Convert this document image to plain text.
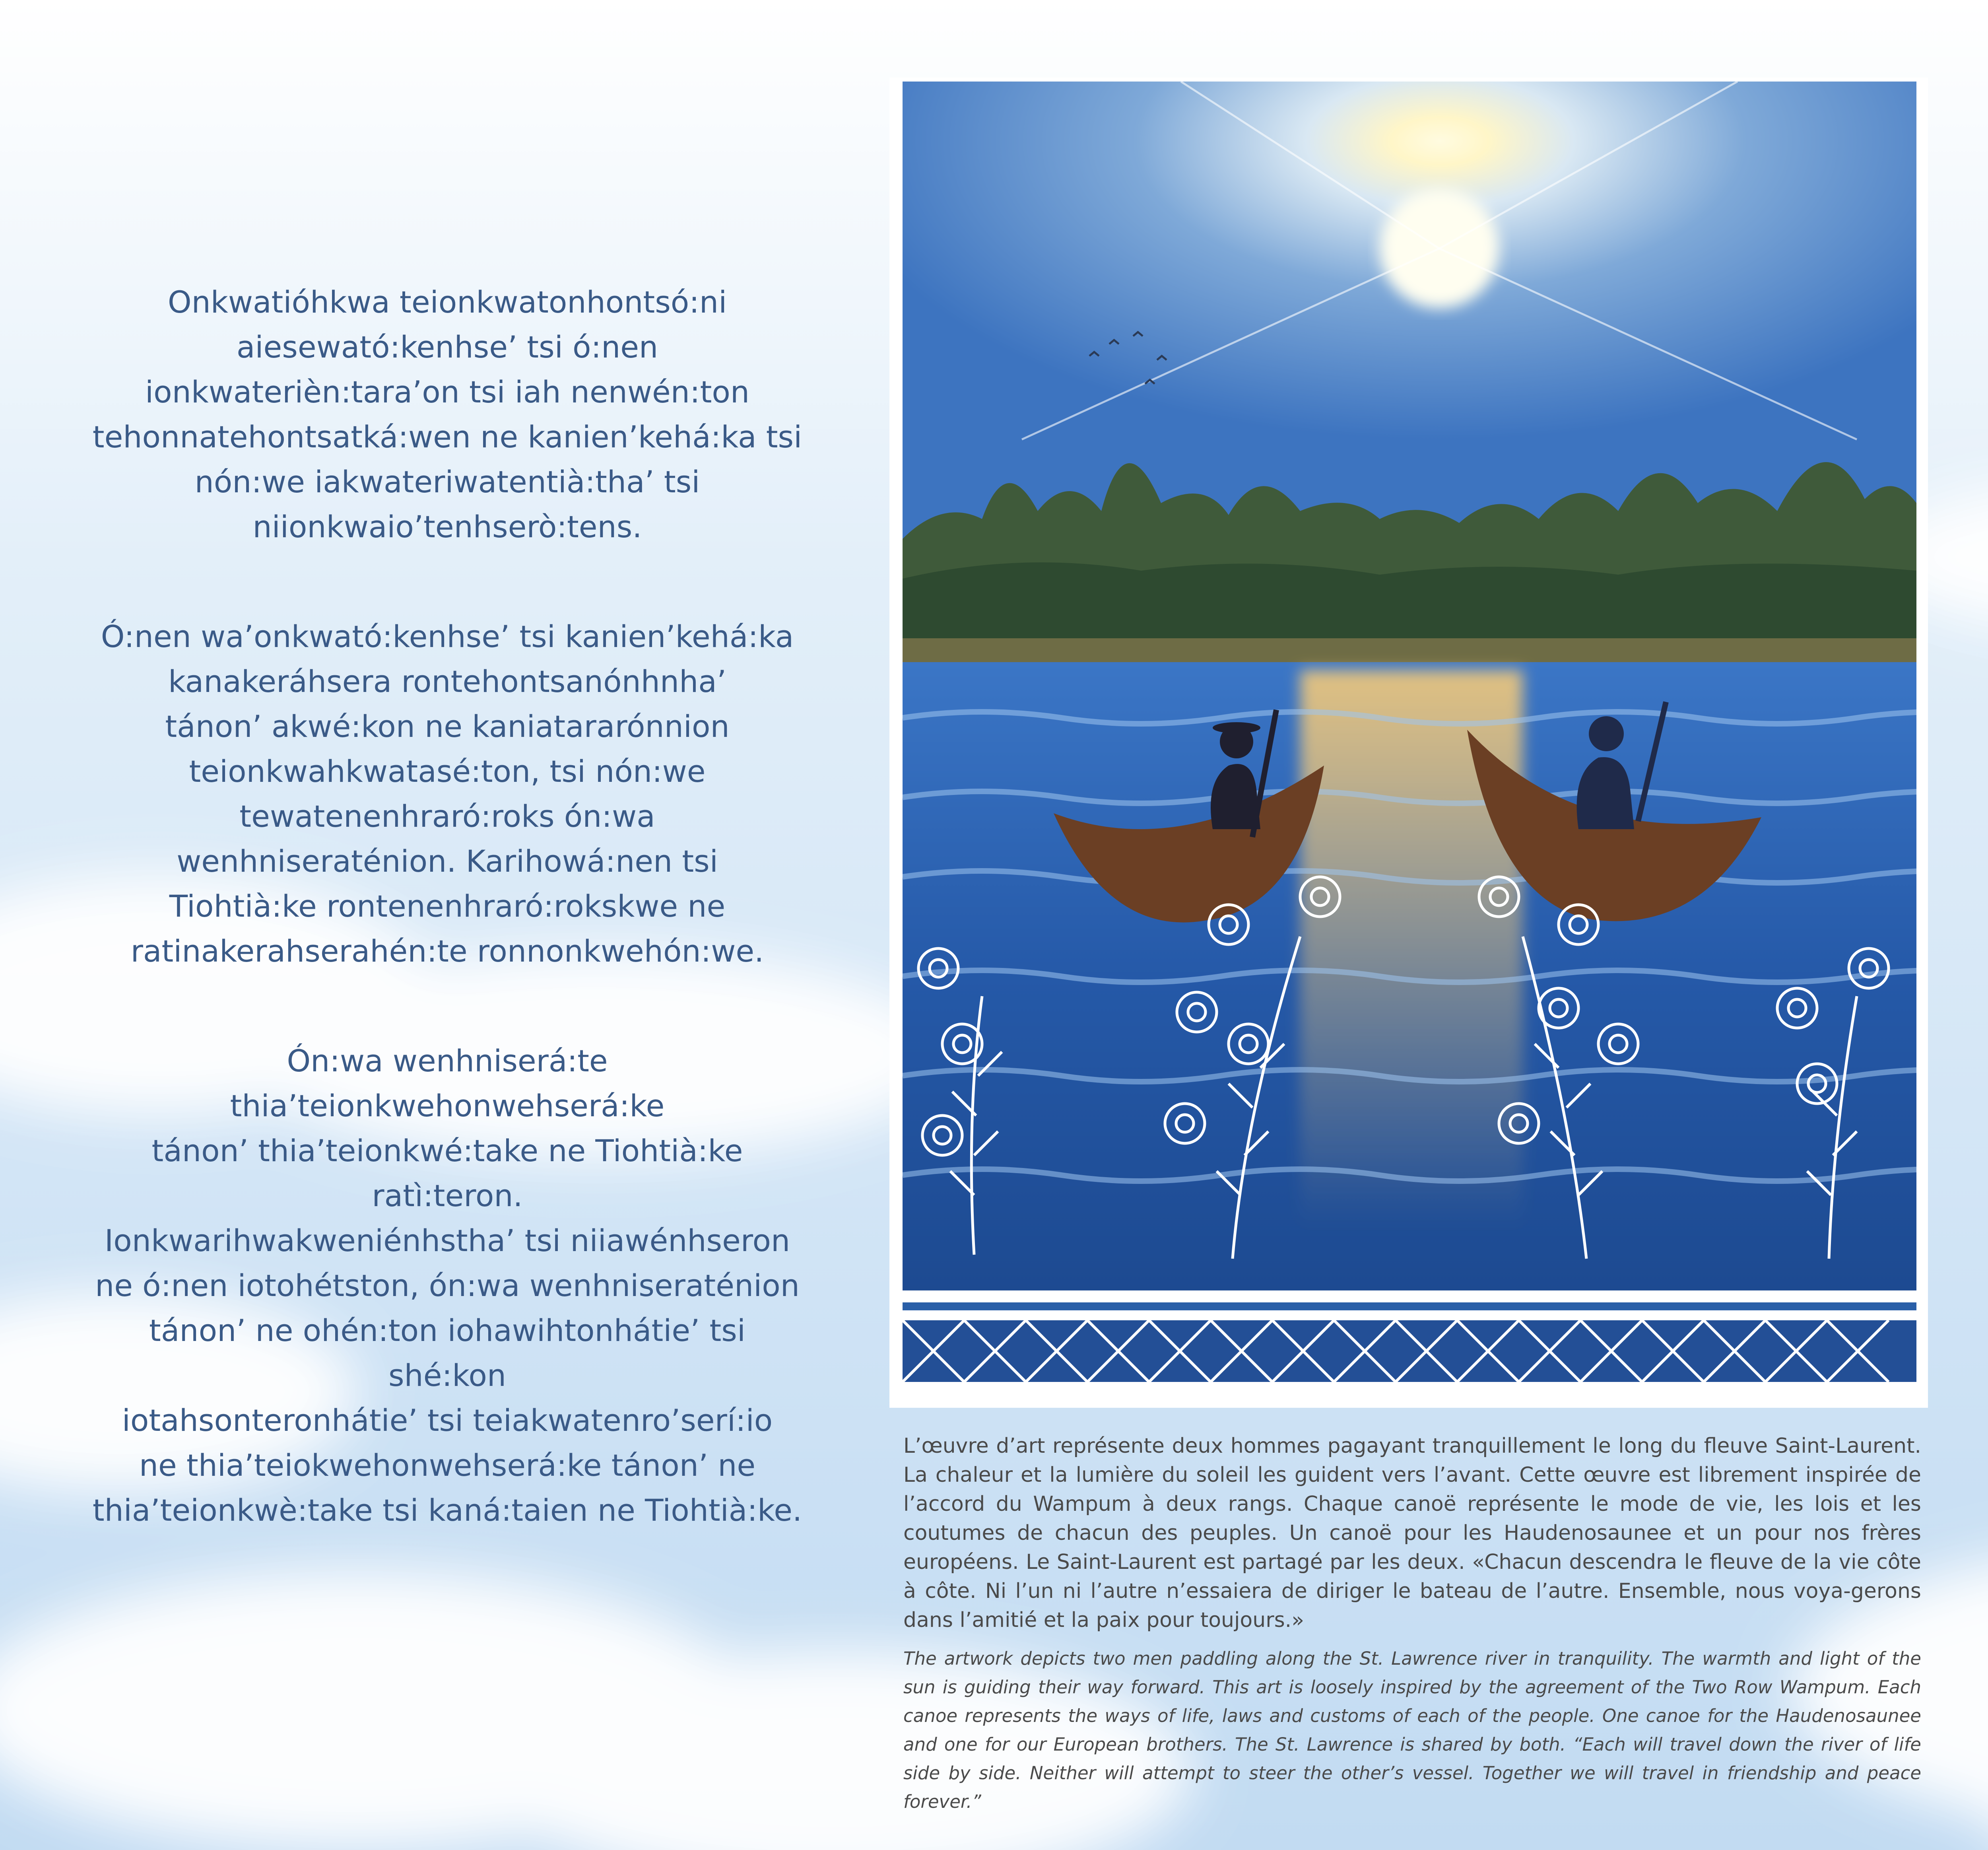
Onkwatióhkwa teionkwatonhontsó:ni
aiesewató:kenhse’ tsi ó:nen
ionkwaterièn:tara’on tsi iah nenwén:ton
tehonnatehontsatká:wen ne kanien’kehá:ka tsi
nón:we iakwateriwatentià:tha’ tsi
niionkwaio’tenhserò:tens.

Ó:nen wa’onkwató:kenhse’ tsi kanien’kehá:ka
kanakeráhsera rontehontsanónhnha’
tánon’ akwé:kon ne kaniatararónnion
teionkwahkwatasé:ton, tsi nón:we
tewatenenhraró:roks ón:wa
wenhniseraténion. Karihowá:nen tsi
Tiohtià:ke rontenenhraró:rokskwe ne
ratinakerahserahén:te ronnonkwehón:we.

Ón:wa wenhniserá:te thia’teionkwehonwehserá:ke
tánon’ thia’teionkwé:take ne Tiohtià:ke ratì:teron.
Ionkwarihwakweniénhstha’ tsi niiawénhseron
ne ó:nen iotohétston, ón:wa wenhniseraténion
tánon’ ne ohén:ton iohawihtonhátie’ tsi shé:kon
iotahsonteronhátie’ tsi teiakwatenro’serí:io
ne thia’teiokwehonwehserá:ke tánon’ ne
thia’teionkwè:take tsi kaná:taien ne Tiohtià:ke.

L’œuvre d’art représente deux hommes pagayant tranquillement le long du fleuve Saint-Laurent. La chaleur et la lumière du soleil les guident vers l’avant. Cette œuvre est librement inspirée de l’accord du Wampum à deux rangs. Chaque canoë représente le mode de vie, les lois et les coutumes de chacun des peuples. Un canoë pour les Haudenosaunee et un pour nos frères européens. Le Saint-Laurent est partagé par les deux. «Chacun descendra le fleuve de la vie côte à côte. Ni l’un ni l’autre n’essaiera de diriger le bateau de l’autre. Ensemble, nous voya-gerons dans l’amitié et la paix pour toujours.»
The artwork depicts two men paddling along the St. Lawrence river in tranquility. The warmth and light of the sun is guiding their way forward. This art is loosely inspired by the agreement of the Two Row Wampum. Each canoe represents the ways of life, laws and customs of each of the people. One canoe for the Haudenosaunee and one for our European brothers. The St. Lawrence is shared by both. “Each will travel down the river of life side by side. Neither will attempt to steer the other’s vessel. Together we will travel in friendship and peace forever.”
